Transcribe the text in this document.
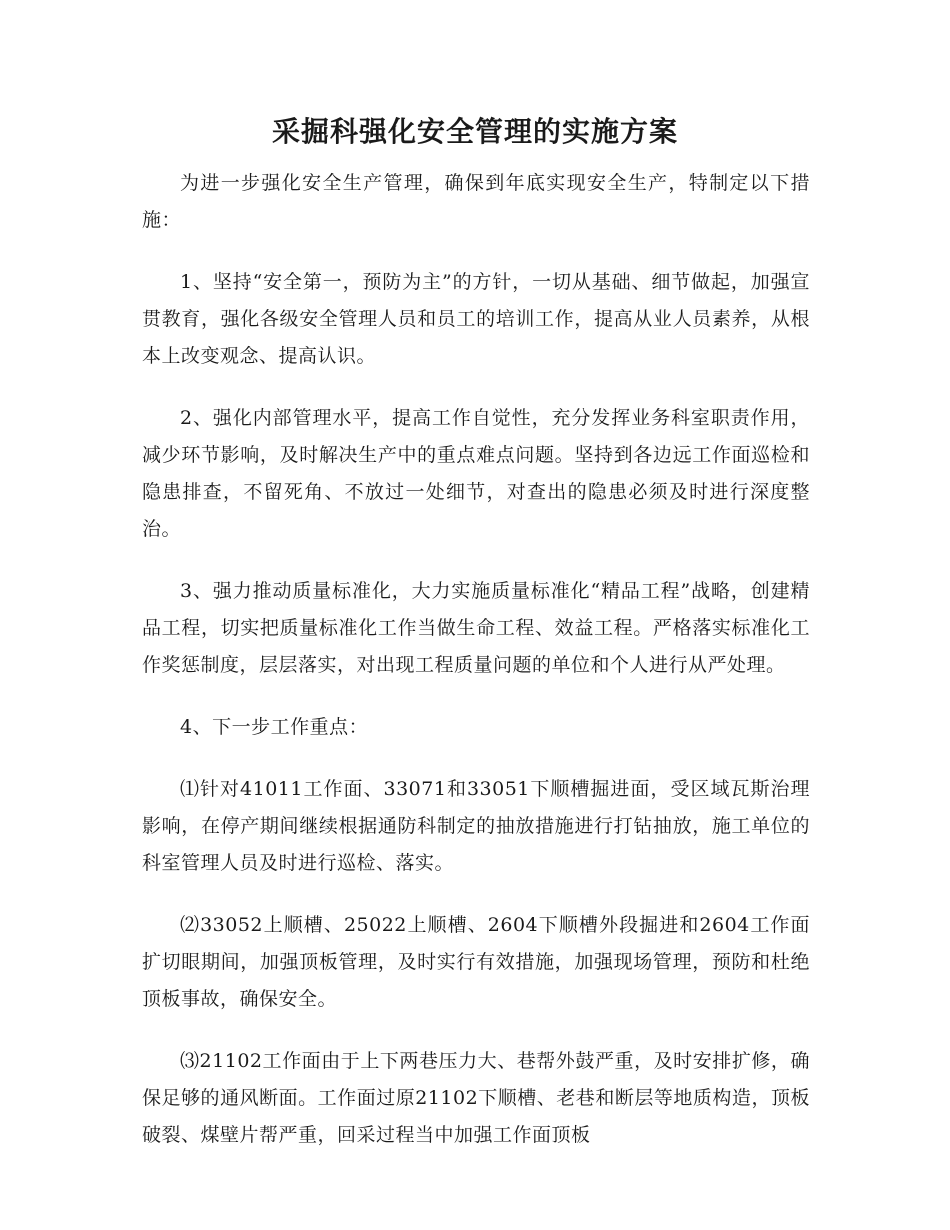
采掘科强化安全管理的实施方案

为进一步强化安全生产管理，确保到年底实现安全生产，特制定以下措施：

1、坚持“安全第一，预防为主”的方针，一切从基础、细节做起，加强宣贯教育，强化各级安全管理人员和员工的培训工作，提高从业人员素养，从根本上改变观念、提高认识。

2、强化内部管理水平，提高工作自觉性，充分发挥业务科室职责作用，减少环节影响，及时解决生产中的重点难点问题。坚持到各边远工作面巡检和隐患排查，不留死角、不放过一处细节，对查出的隐患必须及时进行深度整治。

3、强力推动质量标准化，大力实施质量标准化“精品工程”战略，创建精品工程，切实把质量标准化工作当做生命工程、效益工程。严格落实标准化工作奖惩制度，层层落实，对出现工程质量问题的单位和个人进行从严处理。

4、下一步工作重点：

⑴针对41011工作面、33071和33051下顺槽掘进面，受区域瓦斯治理影响，在停产期间继续根据通防科制定的抽放措施进行打钻抽放，施工单位的科室管理人员及时进行巡检、落实。

⑵33052上顺槽、25022上顺槽、2604下顺槽外段掘进和2604工作面扩切眼期间，加强顶板管理，及时实行有效措施，加强现场管理，预防和杜绝顶板事故，确保安全。

⑶21102工作面由于上下两巷压力大、巷帮外鼓严重，及时安排扩修，确保足够的通风断面。工作面过原21102下顺槽、老巷和断层等地质构造，顶板破裂、煤壁片帮严重，回采过程当中加强工作面顶板
